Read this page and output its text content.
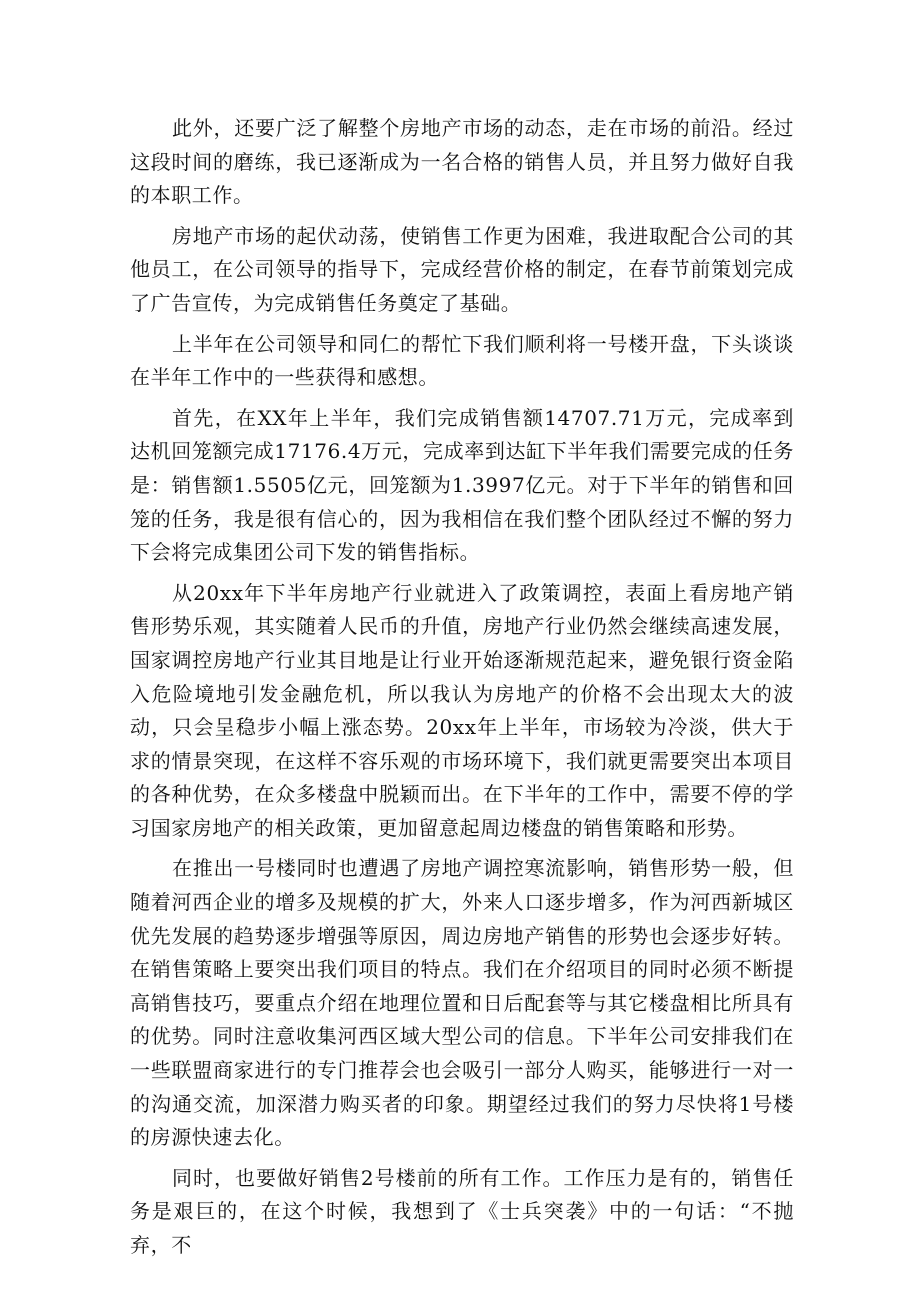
此外，还要广泛了解整个房地产市场的动态，走在市场的前沿。经过这段时间的磨练，我已逐渐成为一名合格的销售人员，并且努力做好自我的本职工作。

房地产市场的起伏动荡，使销售工作更为困难，我进取配合公司的其他员工，在公司领导的指导下，完成经营价格的制定，在春节前策划完成了广告宣传，为完成销售任务奠定了基础。

上半年在公司领导和同仁的帮忙下我们顺利将一号楼开盘，下头谈谈在半年工作中的一些获得和感想。

首先，在XX年上半年，我们完成销售额14707.71万元，完成率到达机回笼额完成17176.4万元，完成率到达缸下半年我们需要完成的任务是：销售额1.5505亿元，回笼额为1.3997亿元。对于下半年的销售和回笼的任务，我是很有信心的，因为我相信在我们整个团队经过不懈的努力下会将完成集团公司下发的销售指标。

从20xx年下半年房地产行业就进入了政策调控，表面上看房地产销售形势乐观，其实随着人民币的升值，房地产行业仍然会继续高速发展，国家调控房地产行业其目地是让行业开始逐渐规范起来，避免银行资金陷入危险境地引发金融危机，所以我认为房地产的价格不会出现太大的波动，只会呈稳步小幅上涨态势。20xx年上半年，市场较为冷淡，供大于求的情景突现，在这样不容乐观的市场环境下，我们就更需要突出本项目的各种优势，在众多楼盘中脱颖而出。在下半年的工作中，需要不停的学习国家房地产的相关政策，更加留意起周边楼盘的销售策略和形势。

在推出一号楼同时也遭遇了房地产调控寒流影响，销售形势一般，但随着河西企业的增多及规模的扩大，外来人口逐步增多，作为河西新城区优先发展的趋势逐步增强等原因，周边房地产销售的形势也会逐步好转。在销售策略上要突出我们项目的特点。我们在介绍项目的同时必须不断提高销售技巧，要重点介绍在地理位置和日后配套等与其它楼盘相比所具有的优势。同时注意收集河西区域大型公司的信息。下半年公司安排我们在一些联盟商家进行的专门推荐会也会吸引一部分人购买，能够进行一对一的沟通交流，加深潜力购买者的印象。期望经过我们的努力尽快将1号楼的房源快速去化。

同时，也要做好销售2号楼前的所有工作。工作压力是有的，销售任务是艰巨的，在这个时候，我想到了《士兵突袭》中的一句话：“不抛弃，不
